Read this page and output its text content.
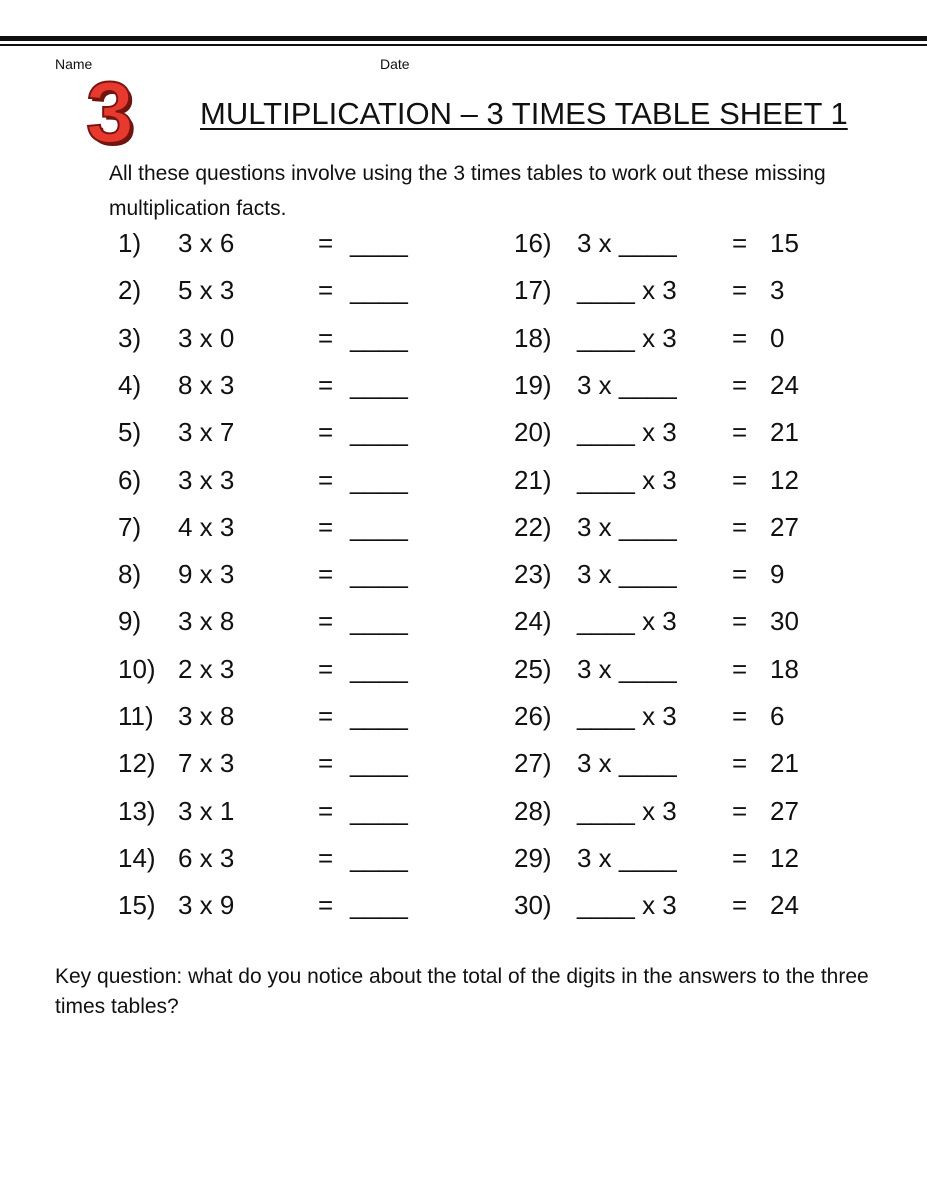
Name	Date
3 MULTIPLICATION – 3 TIMES TABLE SHEET 1
All these questions involve using the 3 times tables to work out these missing multiplication facts.
1) 3 x 6	= ____
2) 5 x 3	= ____
3) 3 x 0	= ____
4) 8 x 3	= ____
5) 3 x 7	= ____
6) 3 x 3	= ____
7) 4 x 3	= ____
8) 9 x 3	= ____
9) 3 x 8	= ____
10) 2 x 3	= ____
11) 3 x 8	= ____
12) 7 x 3	= ____
13) 3 x 1	= ____
14) 6 x 3	= ____
15) 3 x 9	= ____
16) 3 x ____ = 15
17) ____ x 3 = 3
18) ____ x 3 = 0
19) 3 x ____ = 24
20) ____ x 3 = 21
21) ____ x 3 = 12
22) 3 x ____ = 27
23) 3 x ____ = 9
24) ____ x 3 = 30
25) 3 x ____ = 18
26) ____ x 3 = 6
27) 3 x ____ = 21
28) ____ x 3 = 27
29) 3 x ____ = 12
30) ____ x 3 = 24
Key question: what do you notice about the total of the digits in the answers to the three times tables?
